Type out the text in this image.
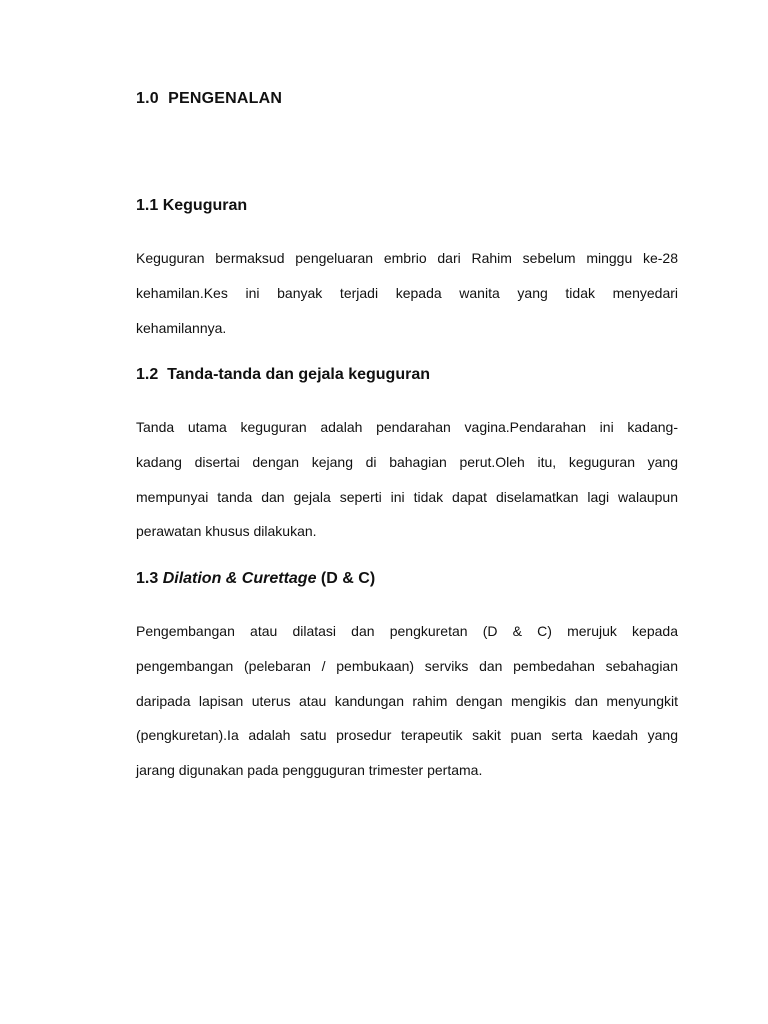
1.0  PENGENALAN
1.1 Keguguran
Keguguran bermaksud pengeluaran embrio dari Rahim sebelum minggu ke-28
kehamilan.Kes ini banyak terjadi kepada wanita yang tidak menyedari
kehamilannya.
1.2  Tanda-tanda dan gejala keguguran
Tanda utama keguguran adalah pendarahan vagina.Pendarahan ini kadang-
kadang disertai dengan kejang di bahagian perut.Oleh itu, keguguran yang
mempunyai tanda dan gejala seperti ini tidak dapat diselamatkan lagi walaupun
perawatan khusus dilakukan.
1.3 Dilation & Curettage (D & C)
Pengembangan atau dilatasi dan pengkuretan (D & C) merujuk kepada
pengembangan (pelebaran / pembukaan) serviks dan pembedahan sebahagian
daripada lapisan uterus atau kandungan rahim dengan mengikis dan menyungkit
(pengkuretan).Ia adalah satu prosedur terapeutik sakit puan serta kaedah yang
jarang digunakan pada pengguguran trimester pertama.
